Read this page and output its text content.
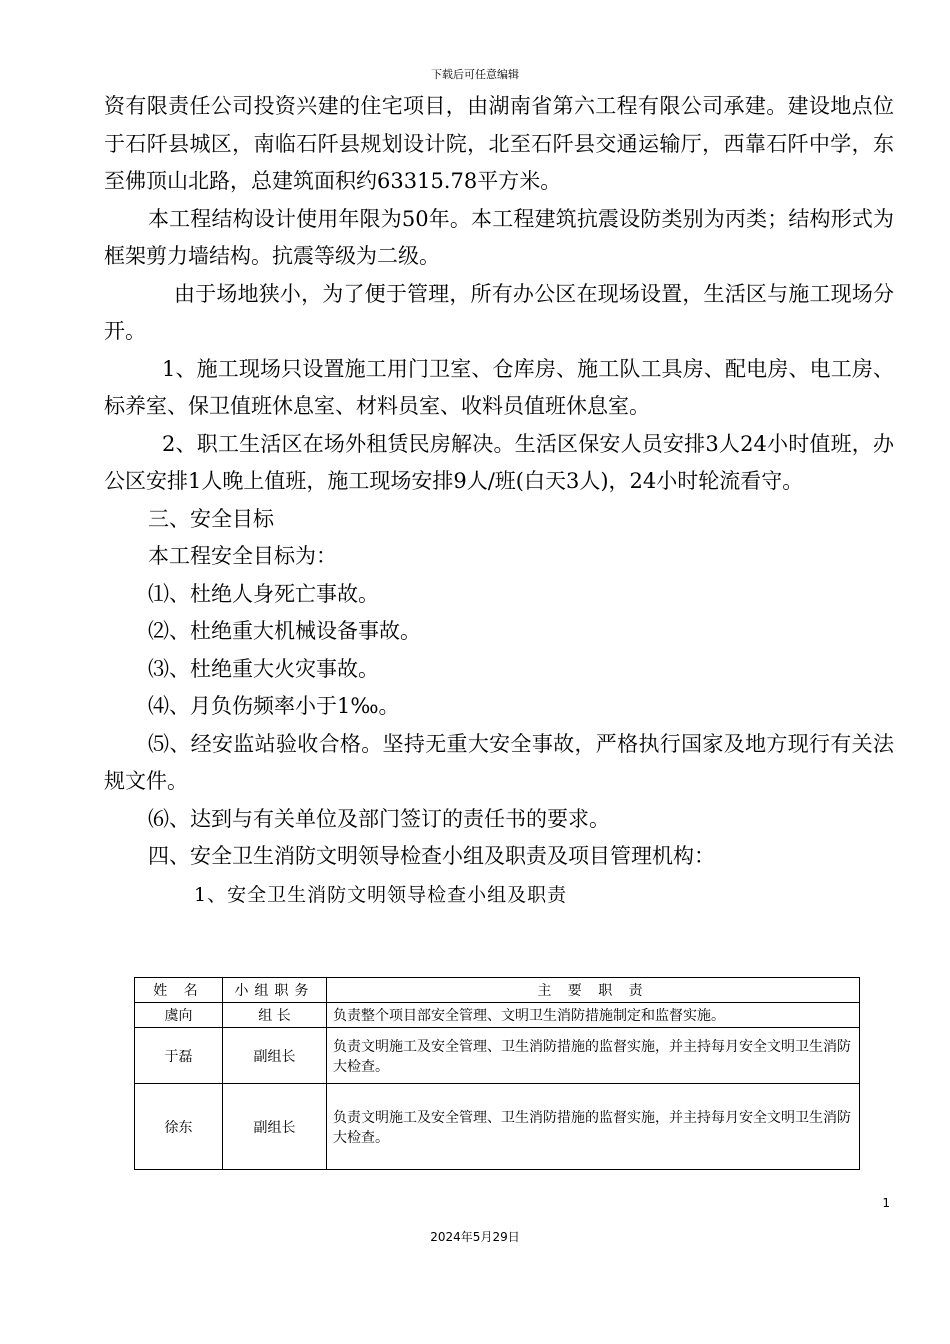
下载后可任意编辑

资有限责任公司投资兴建的住宅项目，由湖南省第六工程有限公司承建。建设地点位于石阡县城区，南临石阡县规划设计院，北至石阡县交通运输厅，西靠石阡中学，东至佛顶山北路，总建筑面积约63315.78平方米。

本工程结构设计使用年限为50年。本工程建筑抗震设防类别为丙类；结构形式为框架剪力墙结构。抗震等级为二级。

由于场地狭小，为了便于管理，所有办公区在现场设置，生活区与施工现场分开。

1、施工现场只设置施工用门卫室、仓库房、施工队工具房、配电房、电工房、标养室、保卫值班休息室、材料员室、收料员值班休息室。

2、职工生活区在场外租赁民房解决。生活区保安人员安排3人24小时值班，办公区安排1人晚上值班，施工现场安排9人/班(白天3人)，24小时轮流看守。

三、安全目标

本工程安全目标为：

⑴、杜绝人身死亡事故。

⑵、杜绝重大机械设备事故。

⑶、杜绝重大火灾事故。

⑷、月负伤频率小于1‰。

⑸、经安监站验收合格。坚持无重大安全事故，严格执行国家及地方现行有关法规文件。

⑹、达到与有关单位及部门签订的责任书的要求。

四、安全卫生消防文明领导检查小组及职责及项目管理机构：

1、安全卫生消防文明领导检查小组及职责

姓 名	小组职务	主 要 职 责
虞向	组 长	负责整个项目部安全管理、文明卫生消防措施制定和监督实施。
于磊	副组长	负责文明施工及安全管理、卫生消防措施的监督实施，并主持每月安全文明卫生消防大检查。
徐东	副组长	负责文明施工及安全管理、卫生消防措施的监督实施，并主持每月安全文明卫生消防大检查。
1
2024年5月29日
